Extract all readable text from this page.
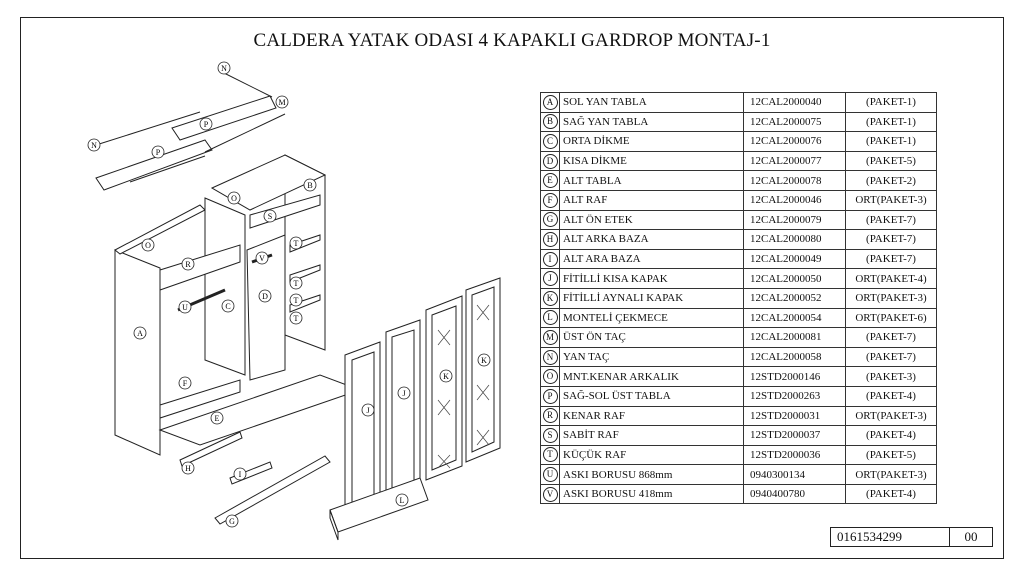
CALDERA YATAK ODASI 4 KAPAKLI GARDROP MONTAJ-1
A
B
C
D
E
F
G
H
I
J
J
K
K
L
M
N
N
O
O
P
P
R
S
T
T
T
T
U
V
A	SOL YAN TABLA	12CAL2000040	(PAKET-1)
B	SAĞ YAN TABLA	12CAL2000075	(PAKET-1)
C	ORTA DİKME	12CAL2000076	(PAKET-1)
D	KISA DİKME	12CAL2000077	(PAKET-5)
E	ALT TABLA	12CAL2000078	(PAKET-2)
F	ALT RAF	12CAL2000046	ORT(PAKET-3)
G	ALT ÖN ETEK	12CAL2000079	(PAKET-7)
H	ALT ARKA BAZA	12CAL2000080	(PAKET-7)
I	ALT ARA BAZA	12CAL2000049	(PAKET-7)
J	FİTİLLİ KISA KAPAK	12CAL2000050	ORT(PAKET-4)
K	FİTİLLİ AYNALI KAPAK	12CAL2000052	ORT(PAKET-3)
L	MONTELİ ÇEKMECE	12CAL2000054	ORT(PAKET-6)
M	ÜST ÖN TAÇ	12CAL2000081	(PAKET-7)
N	YAN TAÇ	12CAL2000058	(PAKET-7)
O	MNT.KENAR ARKALIK	12STD2000146	(PAKET-3)
P	SAĞ-SOL ÜST TABLA	12STD2000263	(PAKET-4)
R	KENAR RAF	12STD2000031	ORT(PAKET-3)
S	SABİT RAF	12STD2000037	(PAKET-4)
T	KÜÇÜK RAF	12STD2000036	(PAKET-5)
U	ASKI BORUSU 868mm	0940300134	ORT(PAKET-3)
V	ASKI BORUSU 418mm	0940400780	(PAKET-4)
0161534299	00
